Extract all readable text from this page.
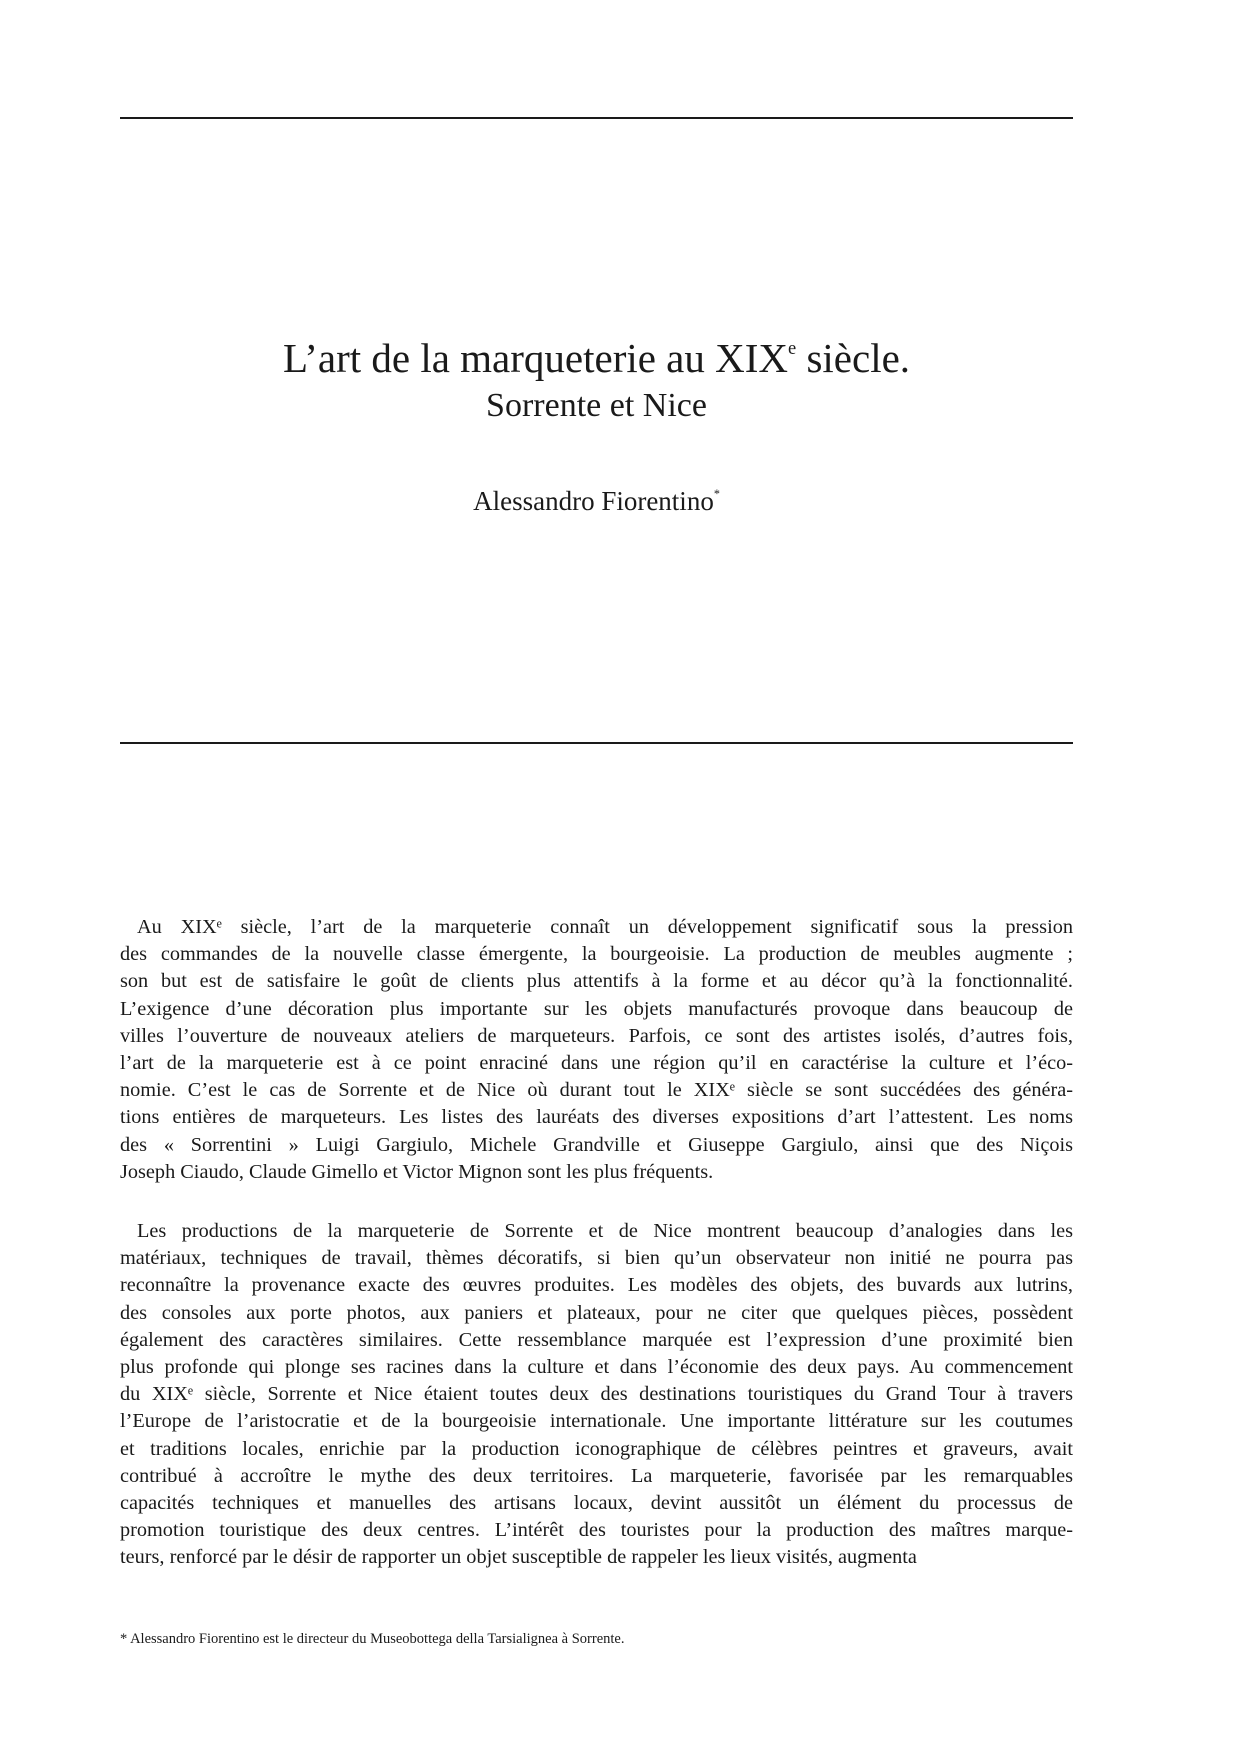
L’art de la marqueterie au XIXe siècle.
Sorrente et Nice
Alessandro Fiorentino*
Au XIXᵉ siècle, l’art de la marqueterie connaît un développement significatif sous la pression
des commandes de la nouvelle classe émergente, la bourgeoisie. La production de meubles augmente ;
son but est de satisfaire le goût de clients plus attentifs à la forme et au décor qu’à la fonctionnalité.
L’exigence d’une décoration plus importante sur les objets manufacturés provoque dans beaucoup de
villes l’ouverture de nouveaux ateliers de marqueteurs. Parfois, ce sont des artistes isolés, d’autres fois,
l’art de la marqueterie est à ce point enraciné dans une région qu’il en caractérise la culture et l’éco-
nomie. C’est le cas de Sorrente et de Nice où durant tout le XIXᵉ siècle se sont succédées des généra-
tions entières de marqueteurs. Les listes des lauréats des diverses expositions d’art l’attestent. Les noms
des « Sorrentini » Luigi Gargiulo, Michele Grandville et Giuseppe Gargiulo, ainsi que des Niçois
Joseph Ciaudo, Claude Gimello et Victor Mignon sont les plus fréquents.
Les productions de la marqueterie de Sorrente et de Nice montrent beaucoup d’analogies dans les
matériaux, techniques de travail, thèmes décoratifs, si bien qu’un observateur non initié ne pourra pas
reconnaître la provenance exacte des œuvres produites. Les modèles des objets, des buvards aux lutrins,
des consoles aux porte photos, aux paniers et plateaux, pour ne citer que quelques pièces, possèdent
également des caractères similaires. Cette ressemblance marquée est l’expression d’une proximité bien
plus profonde qui plonge ses racines dans la culture et dans l’économie des deux pays. Au commencement
du XIXᵉ siècle, Sorrente et Nice étaient toutes deux des destinations touristiques du Grand Tour à travers
l’Europe de l’aristocratie et de la bourgeoisie internationale. Une importante littérature sur les coutumes
et traditions locales, enrichie par la production iconographique de célèbres peintres et graveurs, avait
contribué à accroître le mythe des deux territoires. La marqueterie, favorisée par les remarquables
capacités techniques et manuelles des artisans locaux, devint aussitôt un élément du processus de
promotion touristique des deux centres. L’intérêt des touristes pour la production des maîtres marque-
teurs, renforcé par le désir de rapporter un objet susceptible de rappeler les lieux visités, augmenta
* Alessandro Fiorentino est le directeur du Museobottega della Tarsialignea à Sorrente.
